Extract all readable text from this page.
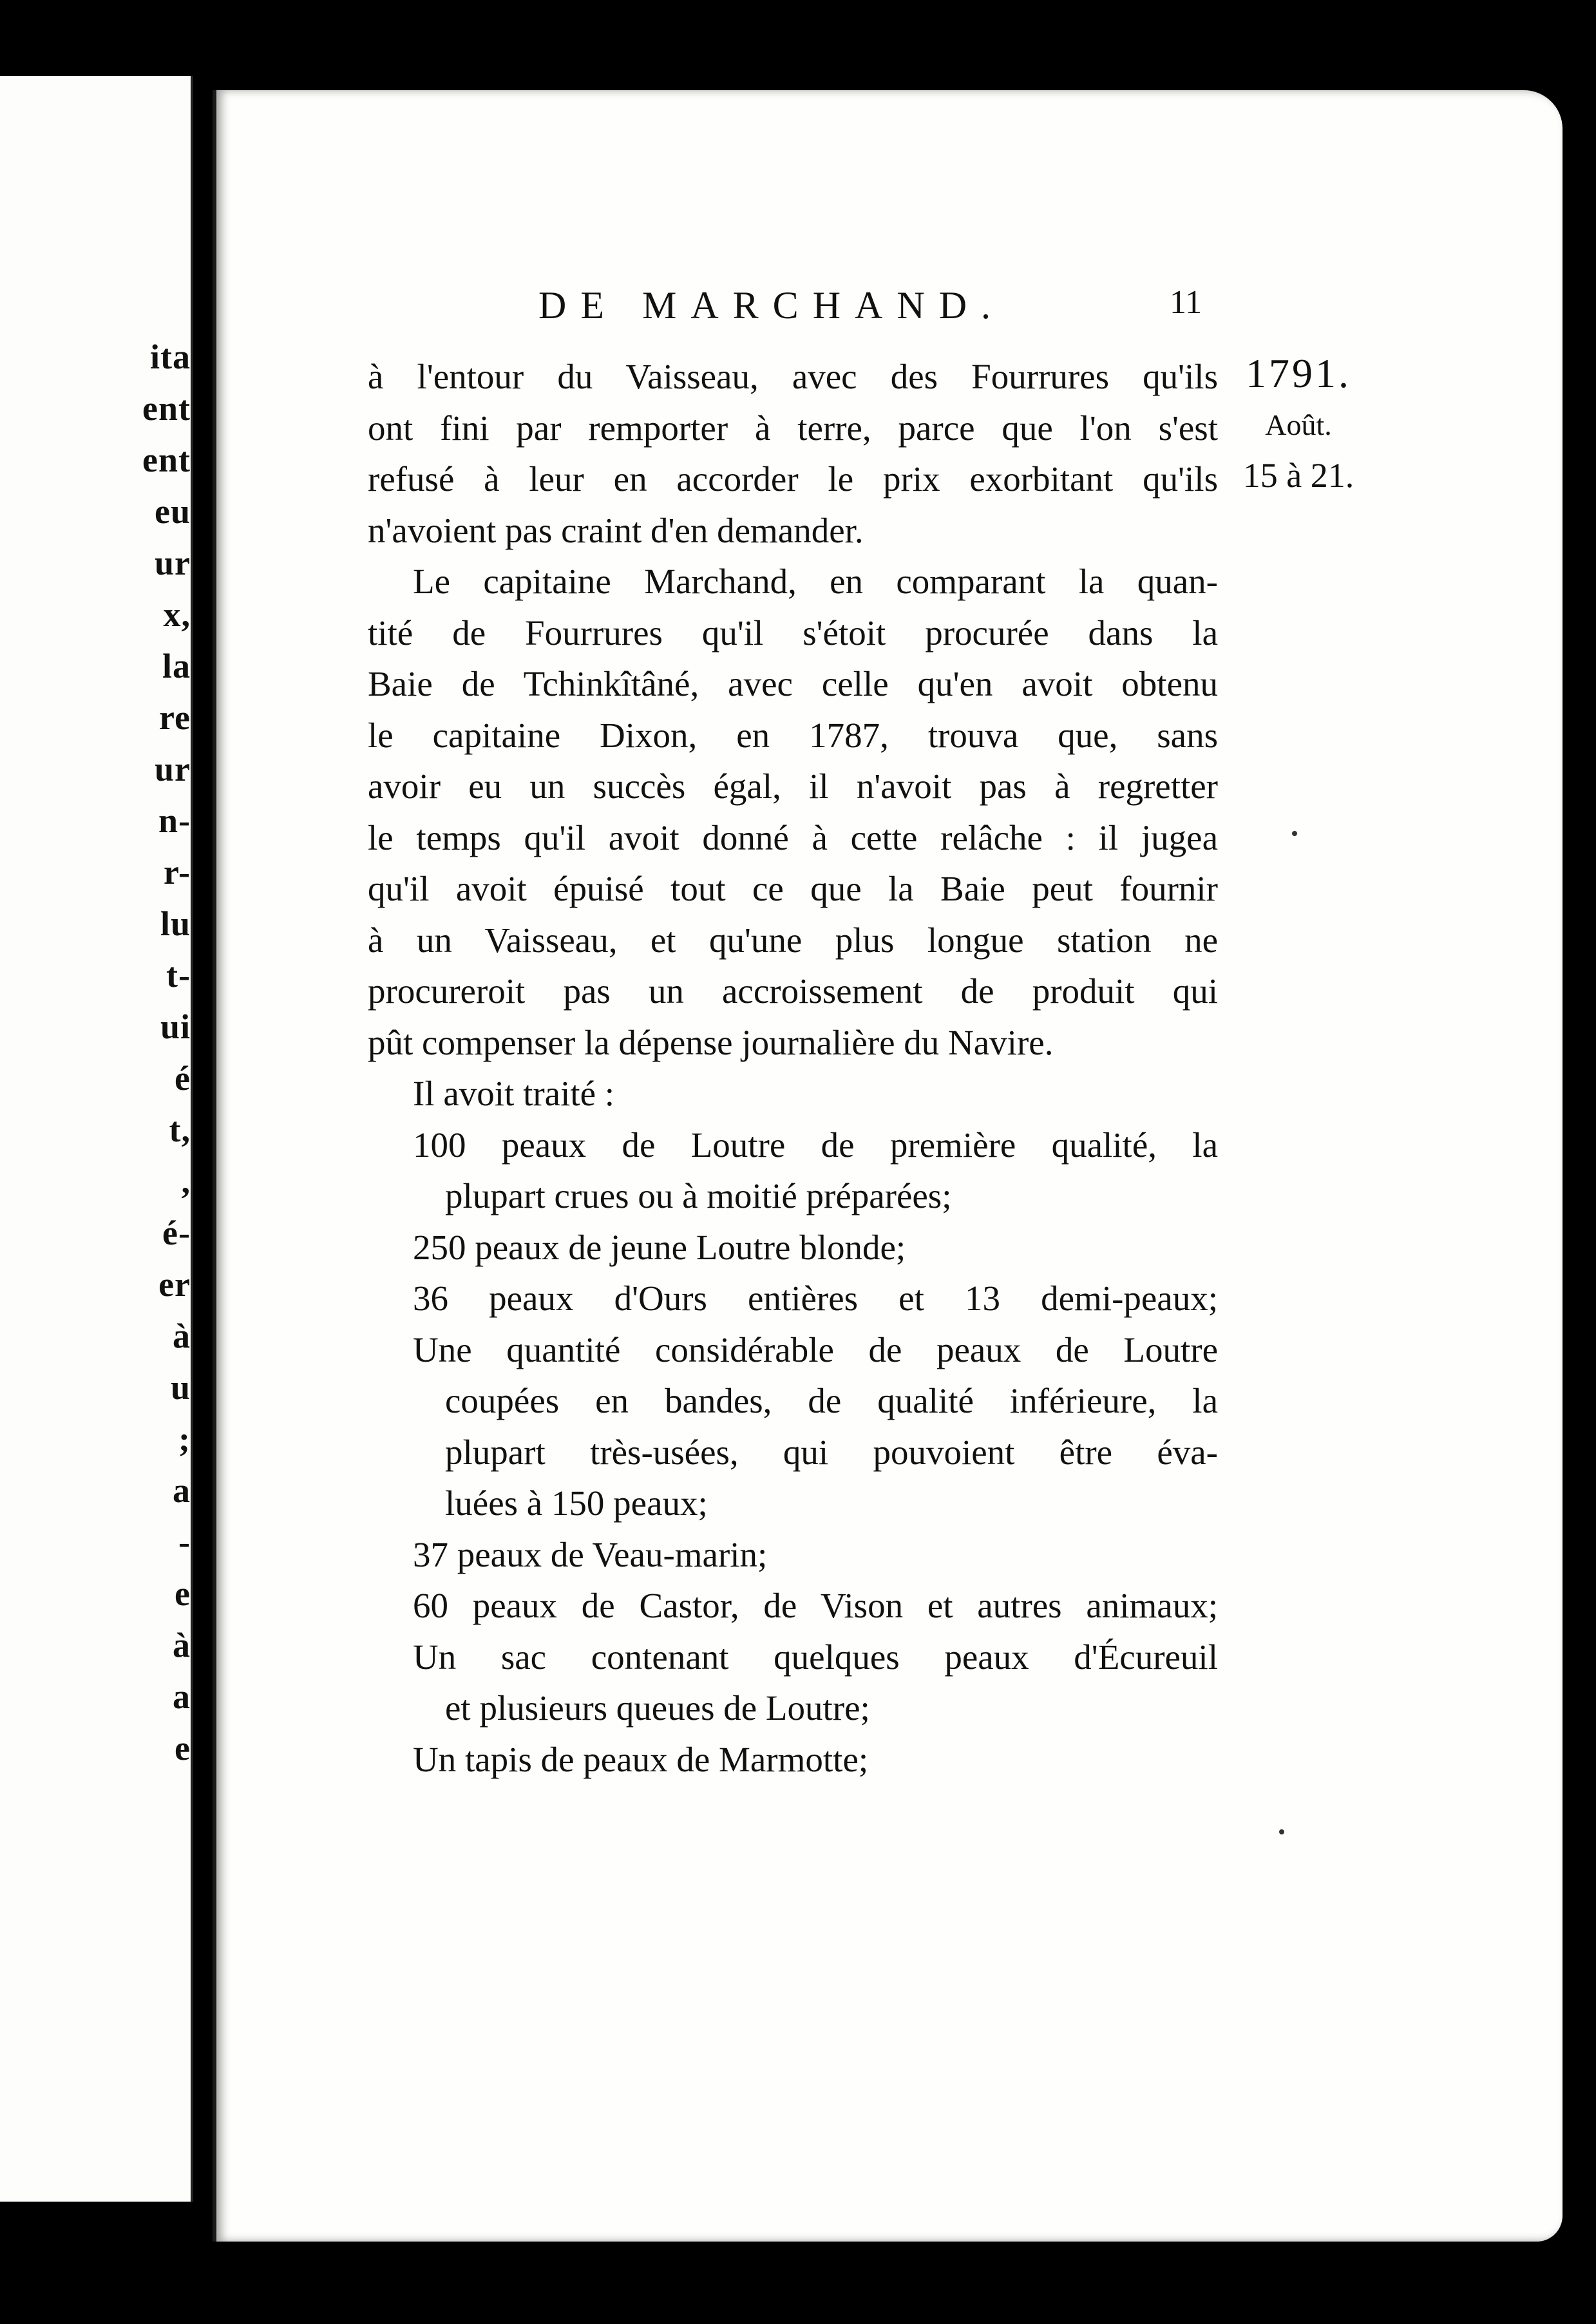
ita
ent
ent
eu
ur
x,
la
re
ur
n-
r-
lu
t-
ui
é
t,
,
é-
er
à
u
;
a
-
e
à
a
e
DE MARCHAND.	11
à l'entour du Vaisseau, avec des Fourrures qu'ils
ont fini par remporter à terre, parce que l'on s'est
refusé à leur en accorder le prix exorbitant qu'ils
n'avoient pas craint d'en demander.
Le capitaine Marchand, en comparant la quan-
tité de Fourrures qu'il s'étoit procurée dans la
Baie de Tchinkîtâné, avec celle qu'en avoit obtenu
le capitaine Dixon, en 1787, trouva que, sans
avoir eu un succès égal, il n'avoit pas à regretter
le temps qu'il avoit donné à cette relâche : il jugea
qu'il avoit épuisé tout ce que la Baie peut fournir
à un Vaisseau, et qu'une plus longue station ne
procureroit pas un accroissement de produit qui
pût compenser la dépense journalière du Navire.
Il avoit traité :
100 peaux de Loutre de première qualité, la
plupart crues ou à moitié préparées;
250 peaux de jeune Loutre blonde;
36 peaux d'Ours entières et 13 demi-peaux;
Une quantité considérable de peaux de Loutre
coupées en bandes, de qualité inférieure, la
plupart très-usées, qui pouvoient être éva-
luées à 150 peaux;
37 peaux de Veau-marin;
60 peaux de Castor, de Vison et autres animaux;
Un sac contenant quelques peaux d'Écureuil
et plusieurs queues de Loutre;
Un tapis de peaux de Marmotte;
1791.
Août.
15 à 21.
